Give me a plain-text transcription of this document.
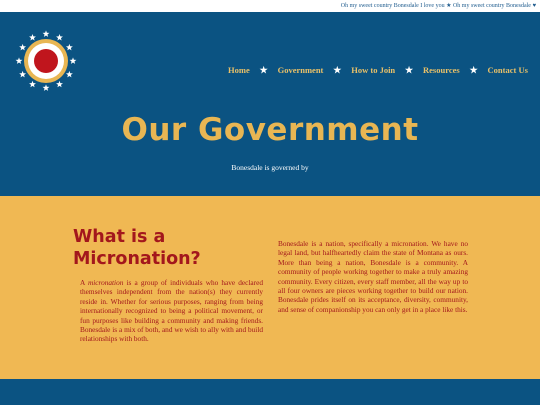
Oh my sweet country Bonesdale I love you ★ Oh my sweet country Bonesdale ♥
Home ★ Government ★ How to Join ★ Resources ★ Contact Us
Our Government
Bonesdale is governed by
What is a Micronation?

A micronation is a group of individuals who have declared themselves independent from the nation(s) they currently reside in. Whether for serious purposes, ranging from being internationally recognized to being a political movement, or fun purposes like building a community and making friends. Bonesdale is a mix of both, and we wish to ally with and build relationships with both.

Bonesdale is a nation, specifically a micronation. We have no legal land, but halfheartedly claim the state of Montana as ours. More than being a nation, Bonesdale is a community. A community of people working together to make a truly amazing community. Every citizen, every staff member, all the way up to all four owners are pieces working together to build our nation. Bonesdale prides itself on its acceptance, diversity, community, and sense of companionship you can only get in a place like this.
